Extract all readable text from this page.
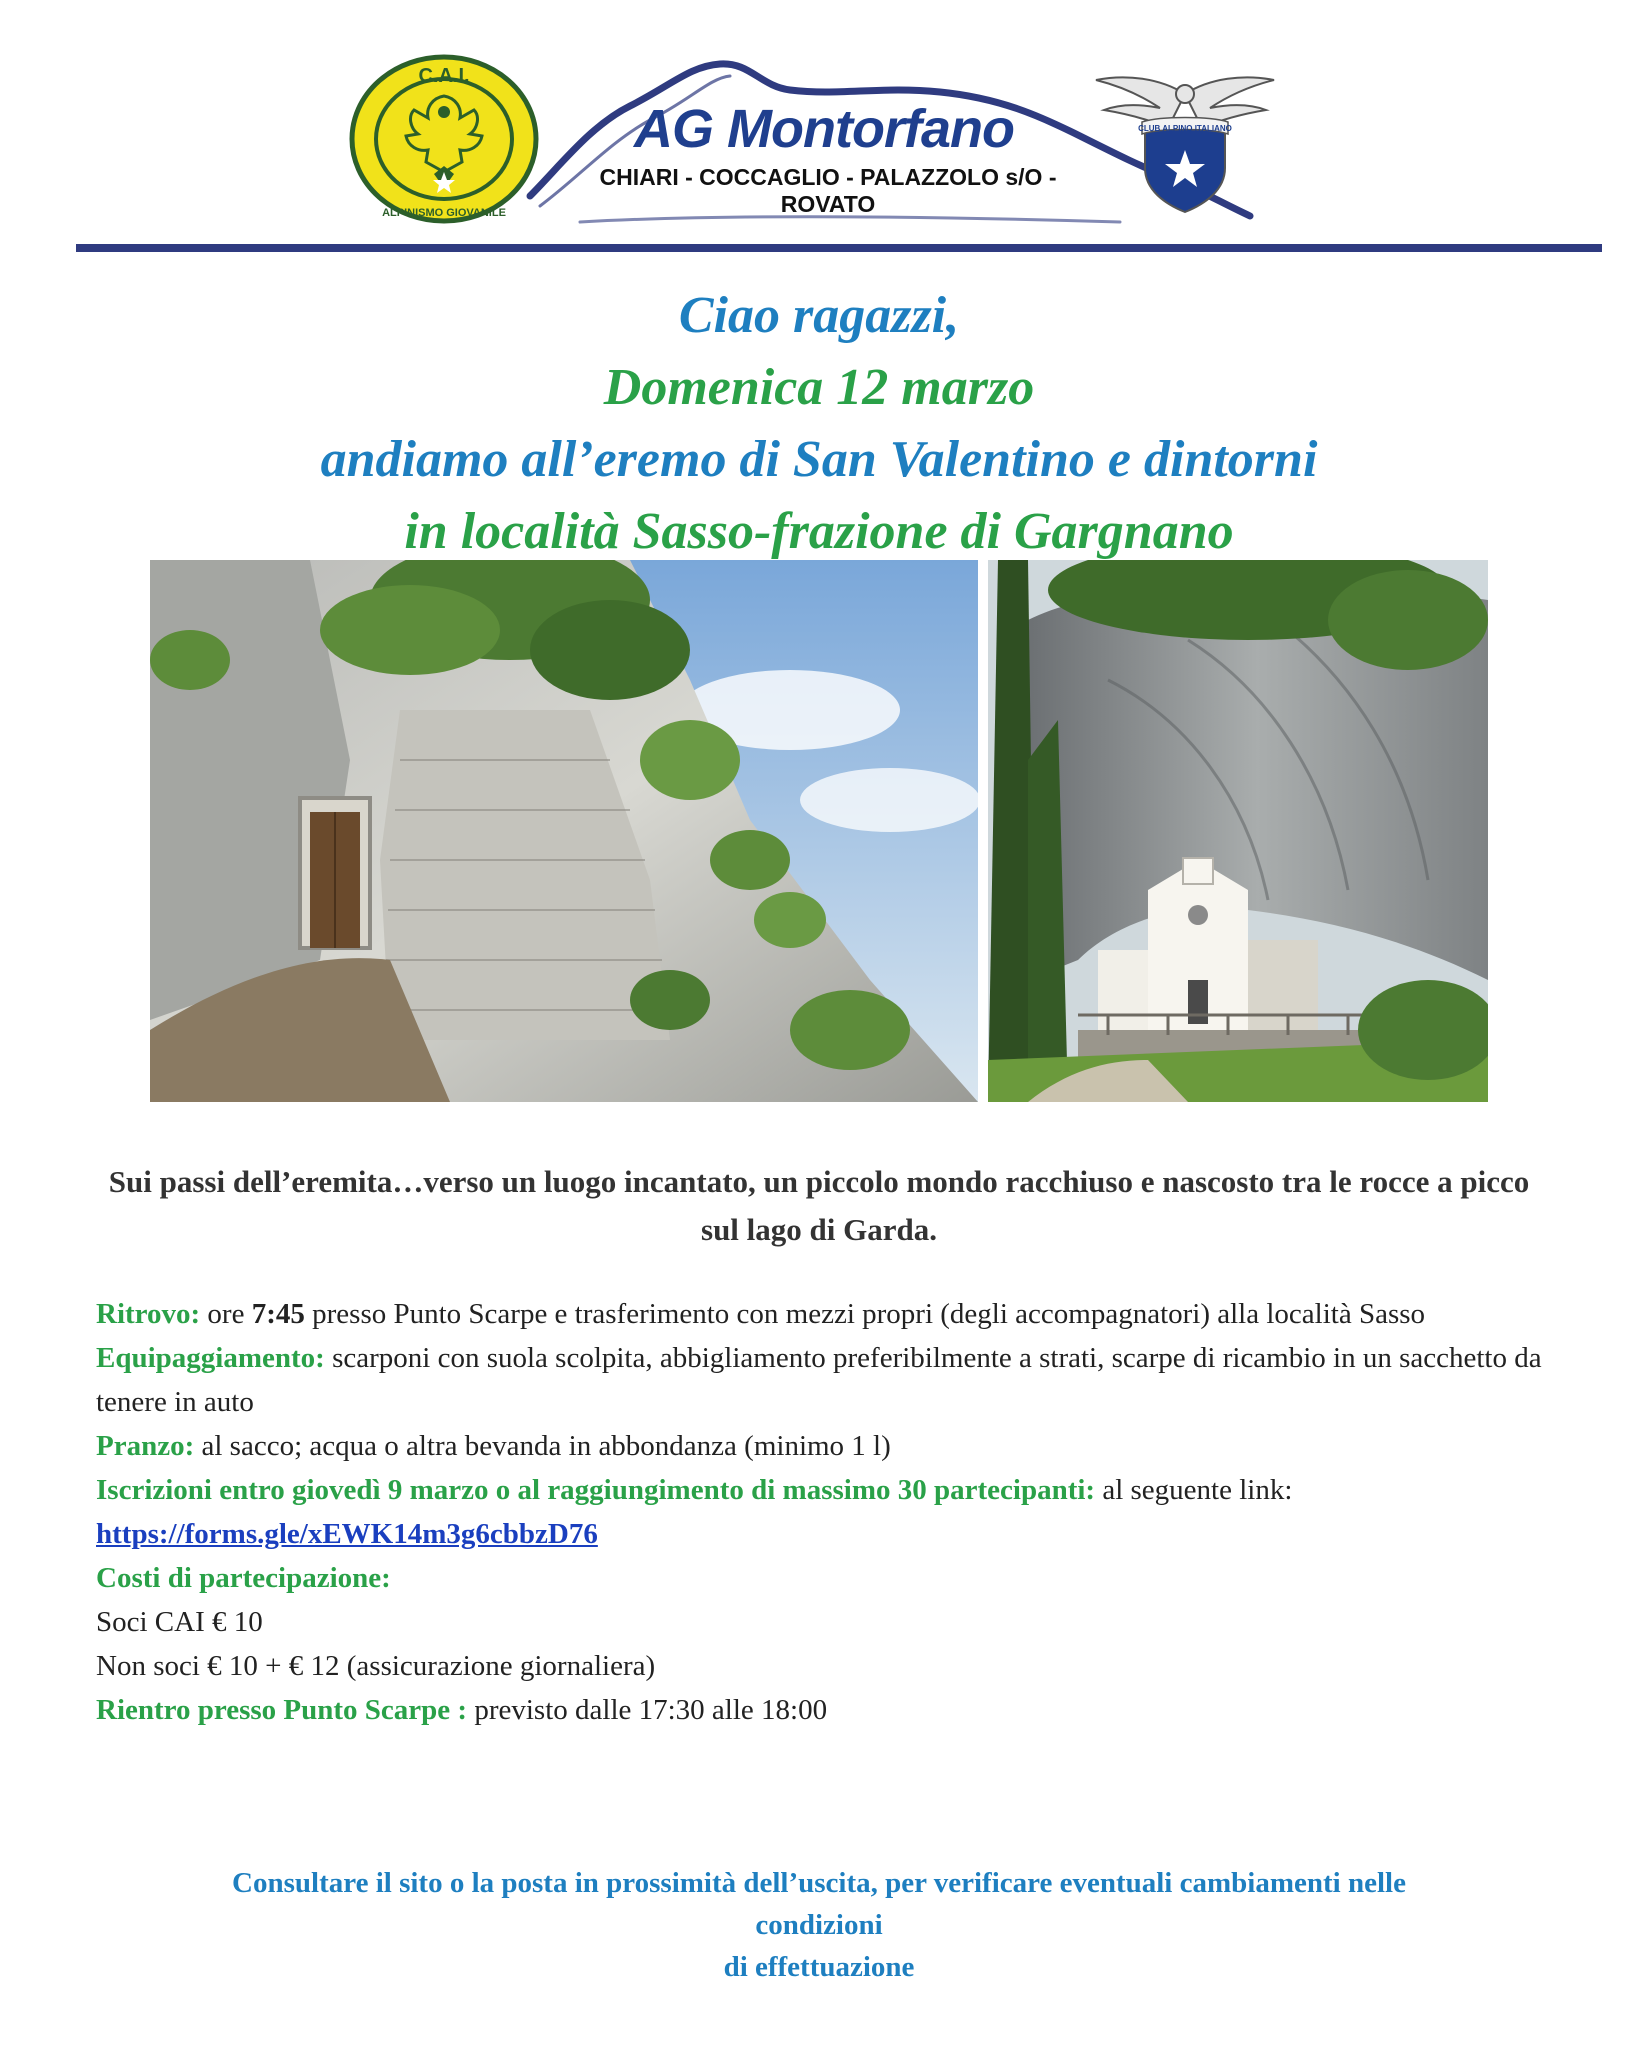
C.A.I.
ALPINISMO GIOVANILE
AG Montorfano
CHIARI - COCCAGLIO - PALAZZOLO s/O - ROVATO
CLUB ALPINO ITALIANO
Ciao ragazzi,
Domenica 12 marzo
andiamo all’eremo di San Valentino e dintorni
in località Sasso-frazione di Gargnano
Sui passi dell’eremita…verso un luogo incantato, un piccolo mondo racchiuso e nascosto tra le rocce a picco sul lago di Garda.

Ritrovo: ore 7:45 presso Punto Scarpe e trasferimento con mezzi propri (degli accompagnatori) alla località Sasso

Equipaggiamento: scarponi con suola scolpita, abbigliamento preferibilmente a strati, scarpe di ricambio in un sacchetto da tenere in auto

Pranzo: al sacco; acqua o altra bevanda in abbondanza (minimo 1 l)

Iscrizioni entro giovedì 9 marzo o al raggiungimento di massimo 30 partecipanti: al seguente link:

https://forms.gle/xEWK14m3g6cbbzD76

Costi di partecipazione:

Soci CAI € 10

Non soci € 10 + € 12 (assicurazione giornaliera)

Rientro presso Punto Scarpe : previsto dalle 17:30 alle 18:00

Consultare il sito o la posta in prossimità dell’uscita, per verificare eventuali cambiamenti nelle
condizioni
di effettuazione
